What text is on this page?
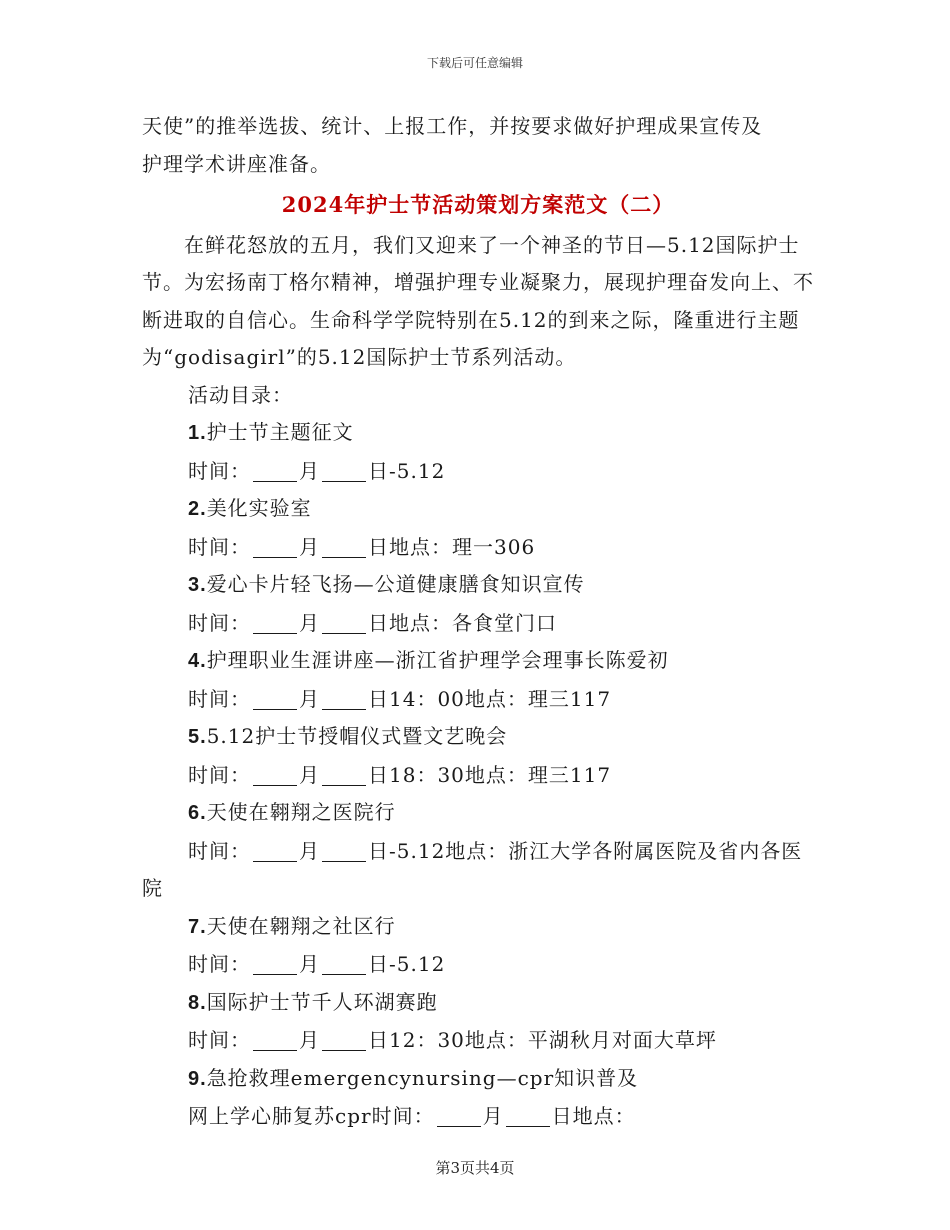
下载后可任意编辑

天使”的推举选拔、统计、上报工作，并按要求做好护理成果宣传及

护理学术讲座准备。

2024年护士节活动策划方案范文（二）

在鲜花怒放的五月，我们又迎来了一个神圣的节日—5.12国际护士节。为宏扬南丁格尔精神，增强护理专业凝聚力，展现护理奋发向上、不断进取的自信心。生命科学学院特别在5.12的到来之际，隆重进行主题为“godisagirl”的5.12国际护士节系列活动。

活动目录：

1.护士节主题征文

时间： 月 日-5.12

2.美化实验室

时间： 月 日地点：理一306

3.爱心卡片轻飞扬—公道健康膳食知识宣传

时间： 月 日地点：各食堂门口

4.护理职业生涯讲座—浙江省护理学会理事长陈爱初

时间： 月 日14：00地点：理三117

5.5.12护士节授帽仪式暨文艺晚会

时间： 月 日18：30地点：理三117

6.天使在翱翔之医院行

时间： 月 日-5.12地点：浙江大学各附属医院及省内各医院

7.天使在翱翔之社区行

时间： 月 日-5.12

8.国际护士节千人环湖赛跑

时间： 月 日12：30地点：平湖秋月对面大草坪

9.急抢救理emergencynursing—cpr知识普及

网上学心肺复苏cpr时间： 月 日地点：

第3页共4页
